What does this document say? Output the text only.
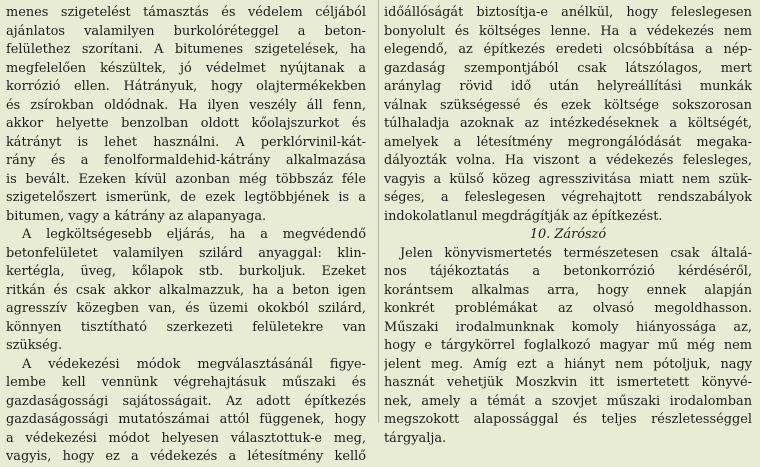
menes szigetelést támasztás és védelem céljából
ajánlatos valamilyen burkolóréteggel a beton-
felülethez szorítani. A bitumenes szigetelések, ha
megfelelően készültek, jó védelmet nyújtanak a
korrózió ellen. Hátrányuk, hogy olajtermékekben
és zsírokban oldódnak. Ha ilyen veszély áll fenn,
akkor helyette benzolban oldott kőolajszurkot és
kátrányt is lehet használni. A perklórvinil-kát-
rány és a fenolformaldehid-kátrány alkalmazása
is bevált. Ezeken kívül azonban még többszáz féle
szigetelőszert ismerünk, de ezek legtöbbjének is a
bitumen, vagy a kátrány az alapanyaga.
A legköltségesebb eljárás, ha a megvédendő
betonfelületet valamilyen szilárd anyaggal: klin-
kertégla, üveg, kőlapok stb. burkoljuk. Ezeket
ritkán és csak akkor alkalmazzuk, ha a beton igen
agresszív közegben van, és üzemi okokból szilárd,
könnyen tisztítható szerkezeti felületekre van
szükség.
A védekezési módok megválasztásánál figye-
lembe kell vennünk végrehajtásuk műszaki és
gazdaságossági sajátosságait. Az adott építkezés
gazdaságossági mutatószámai attól függenek, hogy
a védekezési módot helyesen választottuk-e meg,
vagyis, hogy ez a védekezés a létesítmény kellő
időállóságát biztosítja-e anélkül, hogy feleslegesen
bonyolult és költséges lenne. Ha a védekezés nem
elegendő, az építkezés eredeti olcsóbbítása a nép-
gazdaság szempontjából csak látszólagos, mert
aránylag rövid idő után helyreállítási munkák
válnak szükségessé és ezek költsége sokszorosan
túlhaladja azoknak az intézkedéseknek a költségét,
amelyek a létesítmény megrongálódását megaka-
dályozták volna. Ha viszont a védekezés felesleges,
vagyis a külső közeg agresszivitása miatt nem szük-
séges, a feleslegesen végrehajtott rendszabályok
indokolatlanul megdrágítják az építkezést.
10. Zárószó
Jelen könyvismertetés természetesen csak általá-
nos tájékoztatás a betonkorrózió kérdéséről,
korántsem alkalmas arra, hogy ennek alapján
konkrét problémákat az olvasó megoldhasson.
Műszaki irodalmunknak komoly hiányossága az,
hogy e tárgykörrel foglalkozó magyar mű még nem
jelent meg. Amíg ezt a hiányt nem pótoljuk, nagy
hasznát vehetjük Moszkvin itt ismertetett könyvé-
nek, amely a témát a szovjet műszaki irodalomban
megszokott alapossággal és teljes részletességgel
tárgyalja.
